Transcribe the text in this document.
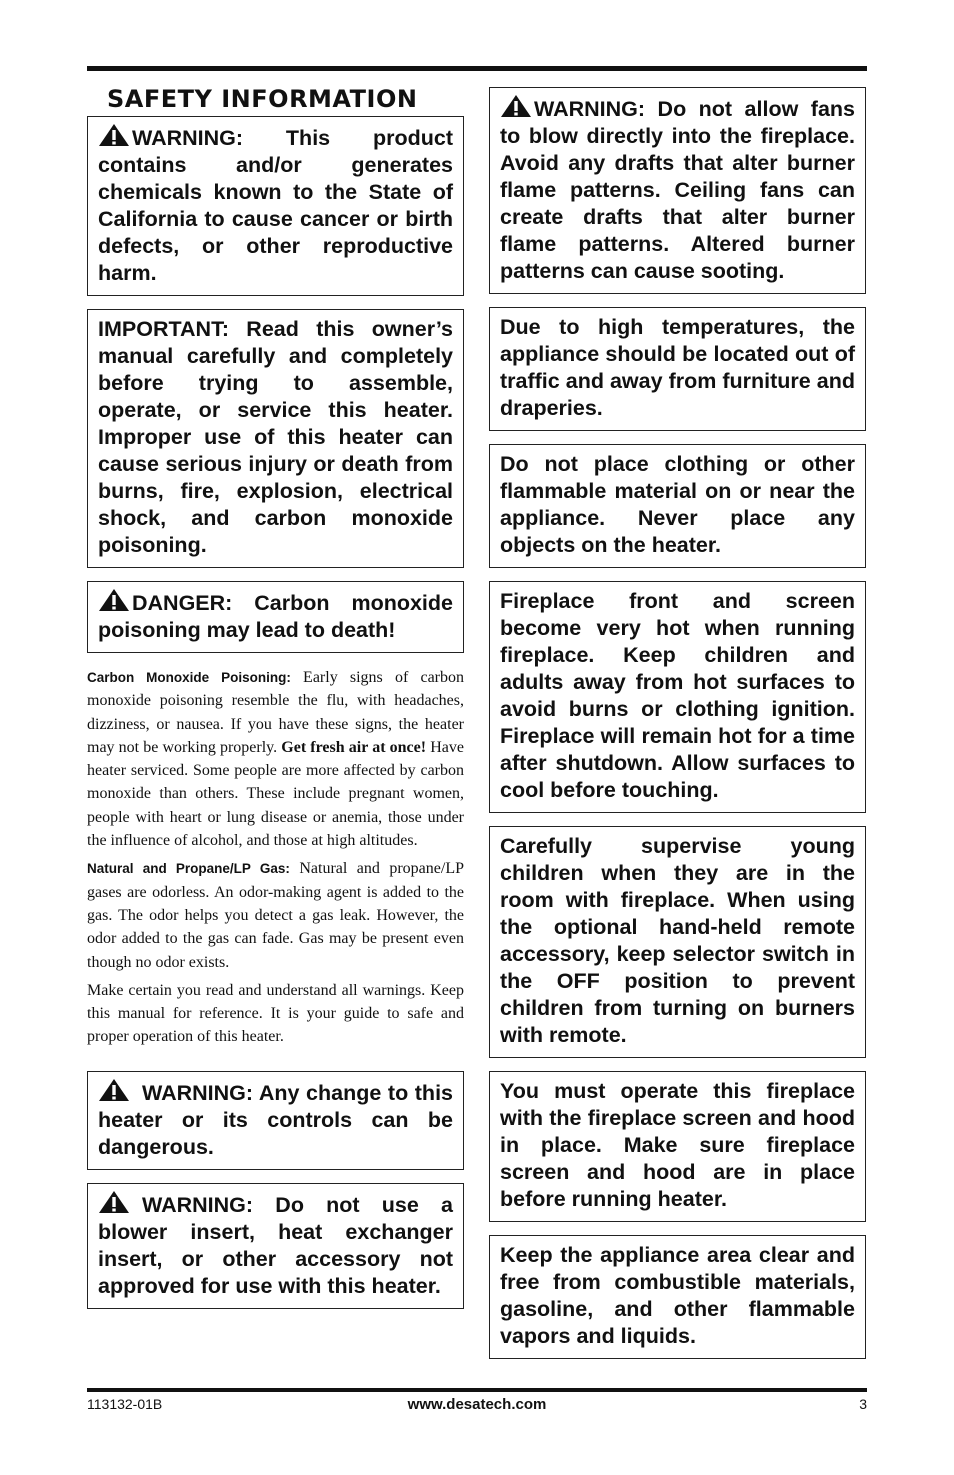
SAFETY INFORMATION
WARNING: This product contains and/or generates chemicals known to the State of California to cause cancer or birth defects, or other reproductive harm.
IMPORTANT: Read this owner’s manual carefully and completely before trying to assemble, operate, or service this heater. Improper use of this heater can cause serious injury or death from burns, fire, explosion, electrical shock, and carbon monoxide poisoning.
DANGER: Carbon monoxide poisoning may lead to death!

Carbon Monoxide Poisoning: Early signs of carbon monoxide poisoning resemble the flu, with headaches, dizziness, or nausea. If you have these signs, the heater may not be working properly. Get fresh air at once! Have heater serviced. Some people are more affected by carbon monoxide than others. These include pregnant women, people with heart or lung disease or anemia, those under the influence of alcohol, and those at high altitudes.

Natural and Propane/LP Gas: Natural and propane/LP gases are odorless. An odor-making agent is added to the gas. The odor helps you detect a gas leak. However, the odor added to the gas can fade. Gas may be present even though no odor exists.

Make certain you read and understand all warnings. Keep this manual for reference. It is your guide to safe and proper operation of this heater.

WARNING: Any change to this heater or its controls can be dangerous.
WARNING: Do not use a blower insert, heat exchanger insert, or other accessory not approved for use with this heater.
WARNING: Do not allow fans to blow directly into the fireplace. Avoid any drafts that alter burner flame patterns. Ceiling fans can create drafts that alter burner flame patterns. Altered burner patterns can cause sooting.
Due to high temperatures, the appliance should be located out of traffic and away from furniture and draperies.
Do not place clothing or other flammable material on or near the appliance. Never place any objects on the heater.
Fireplace front and screen become very hot when running fireplace. Keep children and adults away from hot surfaces to avoid burns or clothing ignition. Fireplace will remain hot for a time after shutdown. Allow surfaces to cool before touching.
Carefully supervise young children when they are in the room with fireplace. When using the optional hand-held remote accessory, keep selector switch in the OFF position to prevent children from turning on burners with remote.
You must operate this fireplace with the fireplace screen and hood in place. Make sure fireplace screen and hood are in place before running heater.
Keep the appliance area clear and free from combustible materials, gasoline, and other flammable vapors and liquids.
113132-01B	www.desatech.com	3
